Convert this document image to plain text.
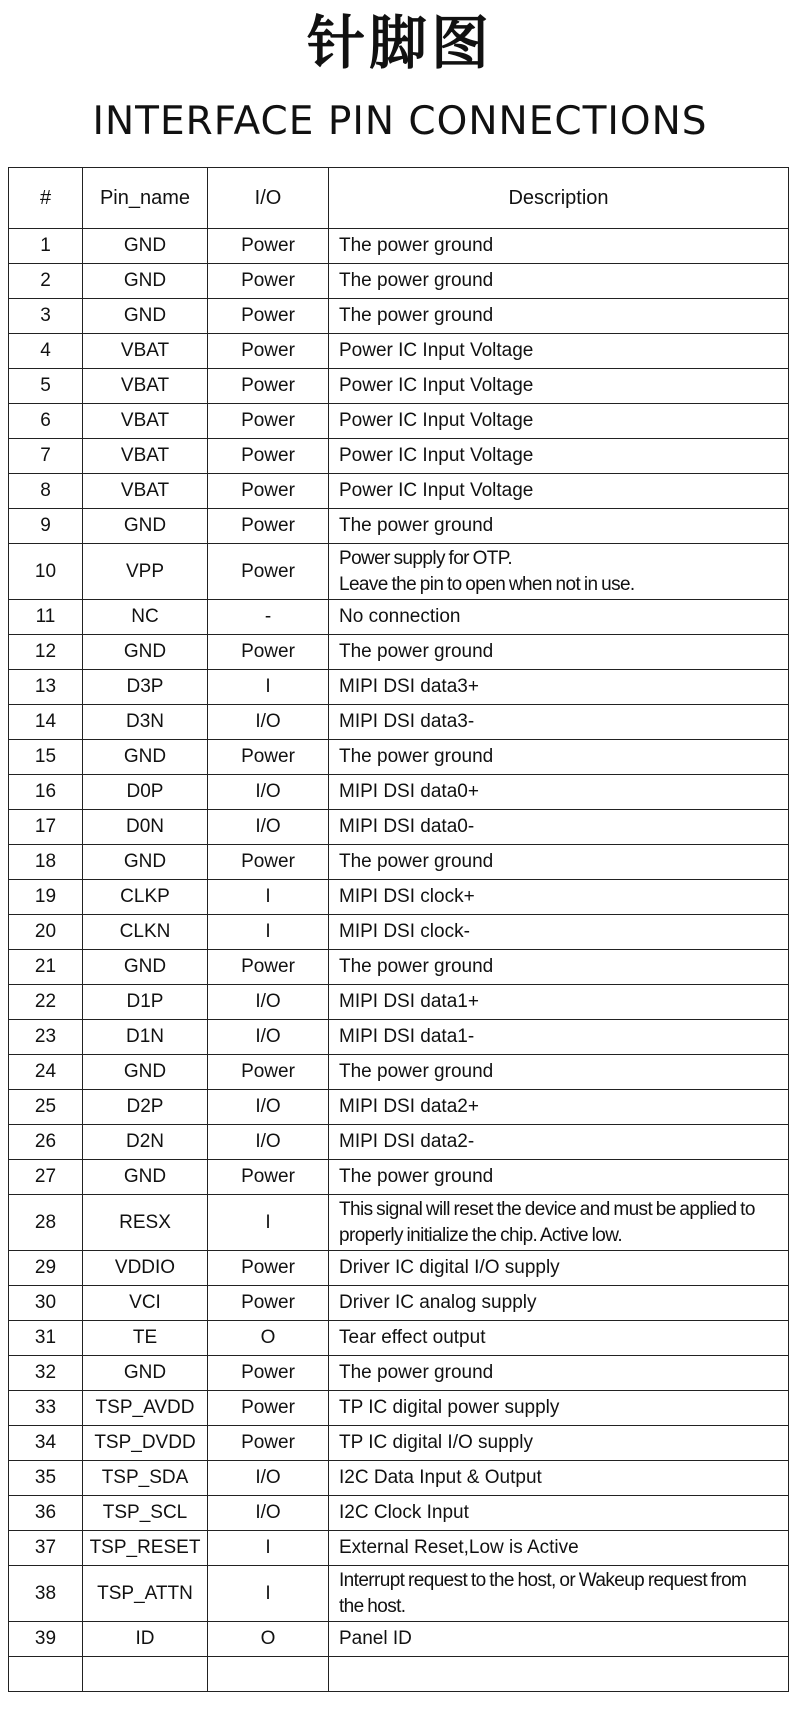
针脚图
INTERFACE PIN CONNECTIONS
#	Pin_name	I/O	Description
1	GND	Power	The power ground
2	GND	Power	The power ground
3	GND	Power	The power ground
4	VBAT	Power	Power IC Input Voltage
5	VBAT	Power	Power IC Input Voltage
6	VBAT	Power	Power IC Input Voltage
7	VBAT	Power	Power IC Input Voltage
8	VBAT	Power	Power IC Input Voltage
9	GND	Power	The power ground
10	VPP	Power	Power supply for OTP.
Leave the pin to open when not in use.
11	NC	-	No connection
12	GND	Power	The power ground
13	D3P	I	MIPI DSI data3+
14	D3N	I/O	MIPI DSI data3-
15	GND	Power	The power ground
16	D0P	I/O	MIPI DSI data0+
17	D0N	I/O	MIPI DSI data0-
18	GND	Power	The power ground
19	CLKP	I	MIPI DSI clock+
20	CLKN	I	MIPI DSI clock-
21	GND	Power	The power ground
22	D1P	I/O	MIPI DSI data1+
23	D1N	I/O	MIPI DSI data1-
24	GND	Power	The power ground
25	D2P	I/O	MIPI DSI data2+
26	D2N	I/O	MIPI DSI data2-
27	GND	Power	The power ground
28	RESX	I	This signal will reset the device and must be applied to
properly initialize the chip. Active low.
29	VDDIO	Power	Driver IC digital I/O supply
30	VCI	Power	Driver IC analog supply
31	TE	O	Tear effect output
32	GND	Power	The power ground
33	TSP_AVDD	Power	TP IC digital power supply
34	TSP_DVDD	Power	TP IC digital I/O supply
35	TSP_SDA	I/O	I2C Data Input & Output
36	TSP_SCL	I/O	I2C Clock Input
37	TSP_RESET	I	External Reset,Low is Active
38	TSP_ATTN	I	Interrupt request to the host, or Wakeup request from
the host.
39	ID	O	Panel ID
